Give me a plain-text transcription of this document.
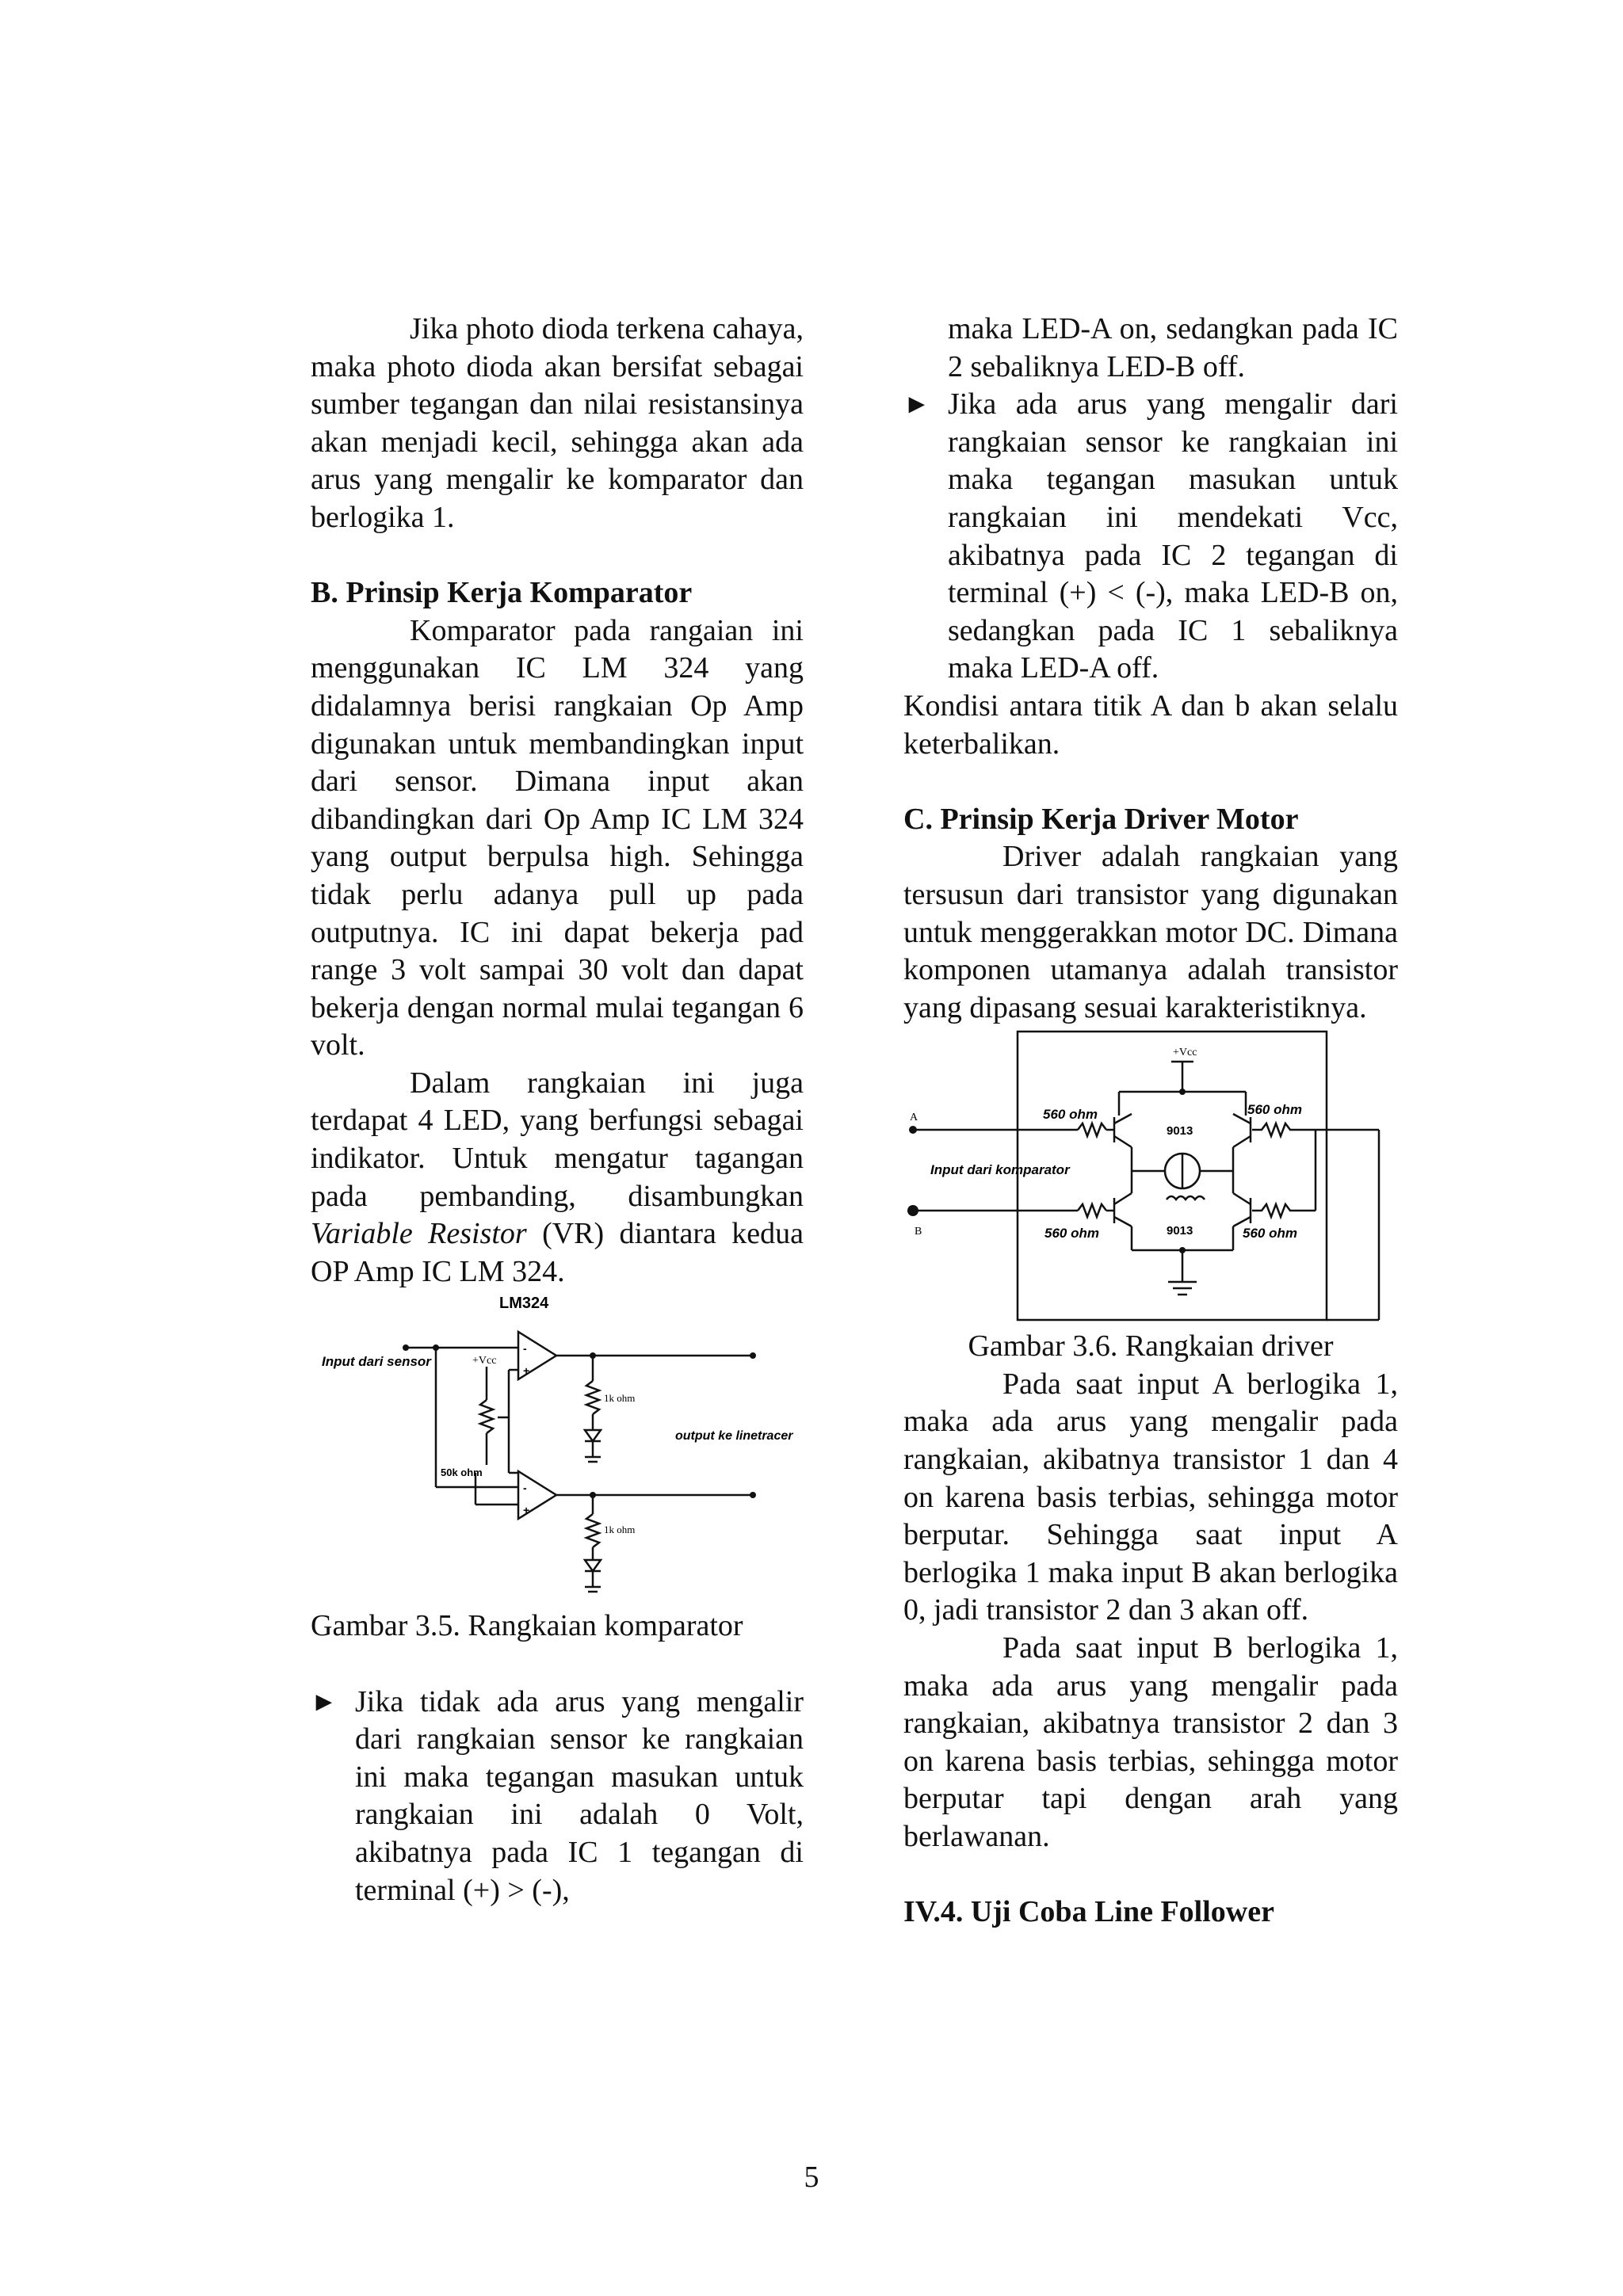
Jika photo dioda terkena cahaya, maka photo dioda akan bersifat sebagai sumber tegangan dan nilai resistansinya akan menjadi kecil, sehingga akan ada arus yang mengalir ke komparator dan berlogika 1.

B. Prinsip Kerja Komparator

Komparator pada rangaian ini menggunakan IC LM 324 yang didalamnya berisi rangkaian Op Amp digunakan untuk membandingkan input dari sensor. Dimana input akan dibandingkan dari Op Amp IC LM 324 yang output berpulsa high. Sehingga tidak perlu adanya pull up pada outputnya. IC ini dapat bekerja pad range 3 volt sampai 30 volt dan dapat bekerja dengan normal mulai tegangan 6 volt.

Dalam rangkaian ini juga terdapat 4 LED, yang berfungsi sebagai indikator. Untuk mengatur tagangan pada pembanding, disambungkan Variable Resistor (VR) diantara kedua OP Amp IC LM 324.

LM324
Input dari sensor	+Vcc
-
+
-
+
1k ohm
1k ohm
50k ohm
output ke linetracer

Gambar 3.5. Rangkaian komparator

► Jika tidak ada arus yang mengalir dari rangkaian sensor ke rangkaian ini maka tegangan masukan untuk rangkaian ini adalah 0 Volt, akibatnya pada IC 1 tegangan di terminal (+) > (-),

maka LED-A on, sedangkan pada IC 2 sebaliknya LED-B off.

► Jika ada arus yang mengalir dari rangkaian sensor ke rangkaian ini maka tegangan masukan untuk rangkaian ini mendekati Vcc, akibatnya pada IC 2 tegangan di terminal (+) < (-), maka LED-B on, sedangkan pada IC 1 sebaliknya maka LED-A off.

Kondisi antara titik A dan b akan selalu keterbalikan.

C. Prinsip Kerja Driver Motor

Driver adalah rangkaian yang tersusun dari transistor yang digunakan untuk menggerakkan motor DC. Dimana komponen utamanya adalah transistor yang dipasang sesuai karakteristiknya.

+Vcc
A
B
Input dari komparator
560 ohm	560 ohm
560 ohm	560 ohm
9013
9013

Gambar 3.6. Rangkaian driver

Pada saat input A berlogika 1, maka ada arus yang mengalir pada rangkaian, akibatnya transistor 1 dan 4 on karena basis terbias, sehingga motor berputar. Sehingga saat input A berlogika 1 maka input B akan berlogika 0, jadi transistor 2 dan 3 akan off.

Pada saat input B berlogika 1, maka ada arus yang mengalir pada rangkaian, akibatnya transistor 2 dan 3 on karena basis terbias, sehingga motor berputar tapi dengan arah yang berlawanan.

IV.4. Uji Coba Line Follower
5
